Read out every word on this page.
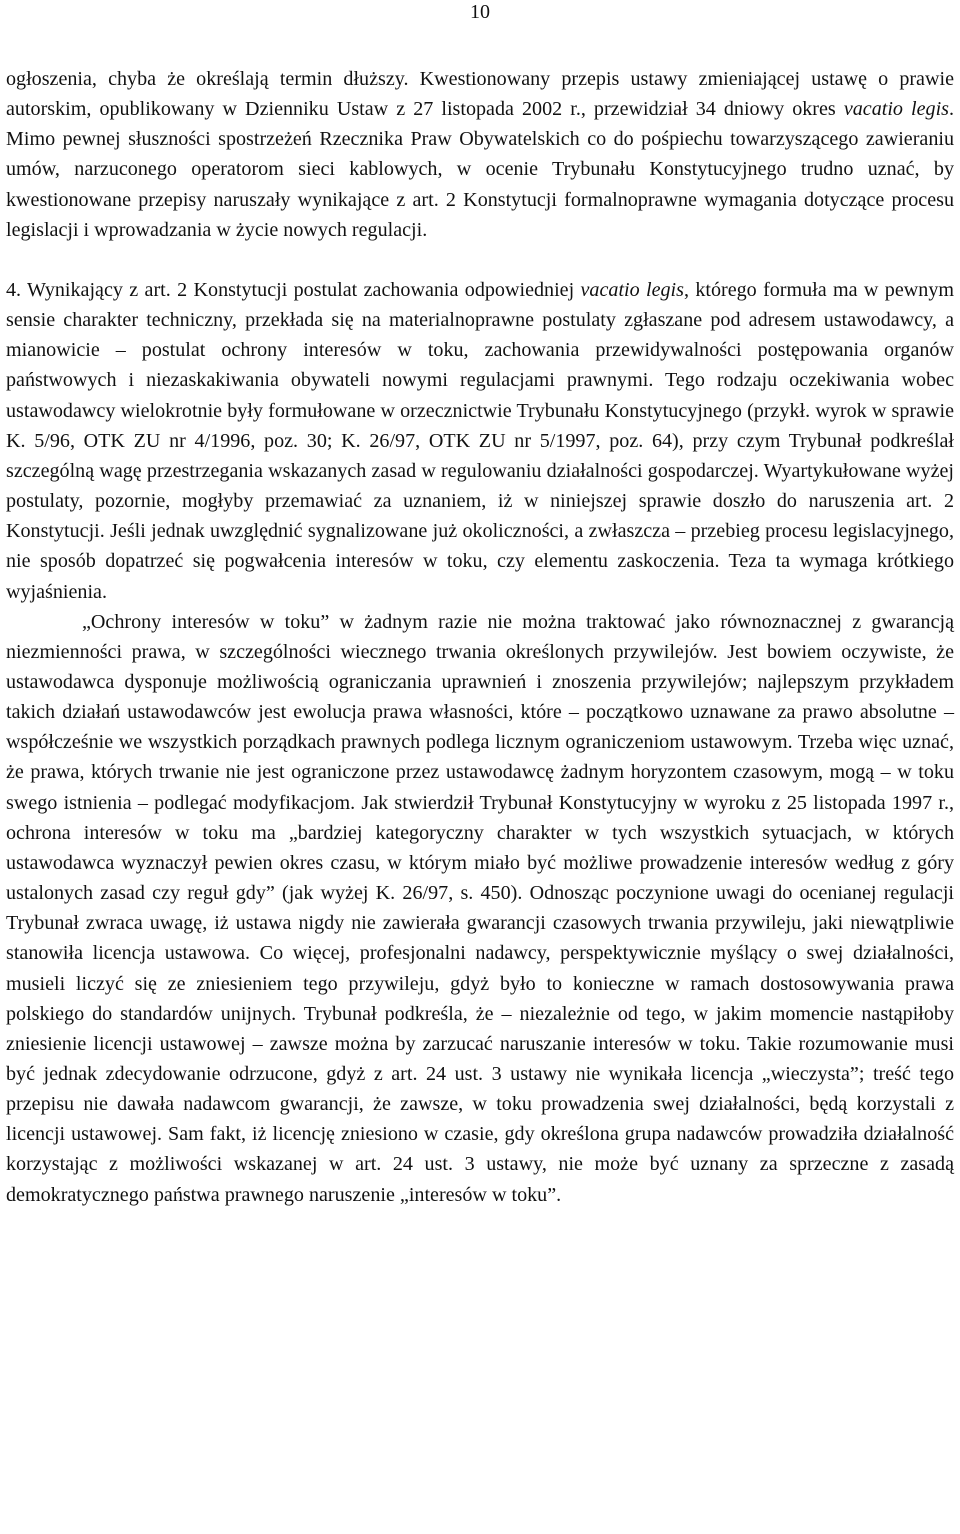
10

ogłoszenia, chyba że określają termin dłuższy. Kwestionowany przepis ustawy zmieniającej ustawę o prawie autorskim, opublikowany w Dzienniku Ustaw z 27 listopada 2002 r., przewidział 34 dniowy okres vacatio legis. Mimo pewnej słuszności spostrzeżeń Rzecznika Praw Obywatelskich co do pośpiechu towarzyszącego zawieraniu umów, narzuconego operatorom sieci kablowych, w ocenie Trybunału Konstytucyjnego trudno uznać, by kwestionowane przepisy naruszały wynikające z art. 2 Konstytucji formalnoprawne wymagania dotyczące procesu legislacji i wprowadzania w życie nowych regulacji.

4. Wynikający z art. 2 Konstytucji postulat zachowania odpowiedniej vacatio legis, którego formuła ma w pewnym sensie charakter techniczny, przekłada się na materialnoprawne postulaty zgłaszane pod adresem ustawodawcy, a mianowicie – postulat ochrony interesów w toku, zachowania przewidywalności postępowania organów państwowych i niezaskakiwania obywateli nowymi regulacjami prawnymi. Tego rodzaju oczekiwania wobec ustawodawcy wielokrotnie były formułowane w orzecznictwie Trybunału Konstytucyjnego (przykł. wyrok w sprawie K. 5/96, OTK ZU nr 4/1996, poz. 30; K. 26/97, OTK ZU nr 5/1997, poz. 64), przy czym Trybunał podkreślał szczególną wagę przestrzegania wskazanych zasad w regulowaniu działalności gospodarczej. Wyartykułowane wyżej postulaty, pozornie, mogłyby przemawiać za uznaniem, iż w niniejszej sprawie doszło do naruszenia art. 2 Konstytucji. Jeśli jednak uwzględnić sygnalizowane już okoliczności, a zwłaszcza – przebieg procesu legislacyjnego, nie sposób dopatrzeć się pogwałcenia interesów w toku, czy elementu zaskoczenia. Teza ta wymaga krótkiego wyjaśnienia.

„Ochrony interesów w toku” w żadnym razie nie można traktować jako równoznacznej z gwarancją niezmienności prawa, w szczególności wiecznego trwania określonych przywilejów. Jest bowiem oczywiste, że ustawodawca dysponuje możliwością ograniczania uprawnień i znoszenia przywilejów; najlepszym przykładem takich działań ustawodawców jest ewolucja prawa własności, które – początkowo uznawane za prawo absolutne – współcześnie we wszystkich porządkach prawnych podlega licznym ograniczeniom ustawowym. Trzeba więc uznać, że prawa, których trwanie nie jest ograniczone przez ustawodawcę żadnym horyzontem czasowym, mogą – w toku swego istnienia – podlegać modyfikacjom. Jak stwierdził Trybunał Konstytucyjny w wyroku z 25 listopada 1997 r., ochrona interesów w toku ma „bardziej kategoryczny charakter w tych wszystkich sytuacjach, w których ustawodawca wyznaczył pewien okres czasu, w którym miało być możliwe prowadzenie interesów według z góry ustalonych zasad czy reguł gdy” (jak wyżej K. 26/97, s. 450). Odnosząc poczynione uwagi do ocenianej regulacji Trybunał zwraca uwagę, iż ustawa nigdy nie zawierała gwarancji czasowych trwania przywileju, jaki niewątpliwie stanowiła licencja ustawowa. Co więcej, profesjonalni nadawcy, perspektywicznie myślący o swej działalności, musieli liczyć się ze zniesieniem tego przywileju, gdyż było to konieczne w ramach dostosowywania prawa polskiego do standardów unijnych. Trybunał podkreśla, że – niezależnie od tego, w jakim momencie nastąpiłoby zniesienie licencji ustawowej – zawsze można by zarzucać naruszanie interesów w toku. Takie rozumowanie musi być jednak zdecydowanie odrzucone, gdyż z art. 24 ust. 3 ustawy nie wynikała licencja „wieczysta”; treść tego przepisu nie dawała nadawcom gwarancji, że zawsze, w toku prowadzenia swej działalności, będą korzystali z licencji ustawowej. Sam fakt, iż licencję zniesiono w czasie, gdy określona grupa nadawców prowadziła działalność korzystając z możliwości wskazanej w art. 24 ust. 3 ustawy, nie może być uznany za sprzeczne z zasadą demokratycznego państwa prawnego naruszenie „interesów w toku”.
